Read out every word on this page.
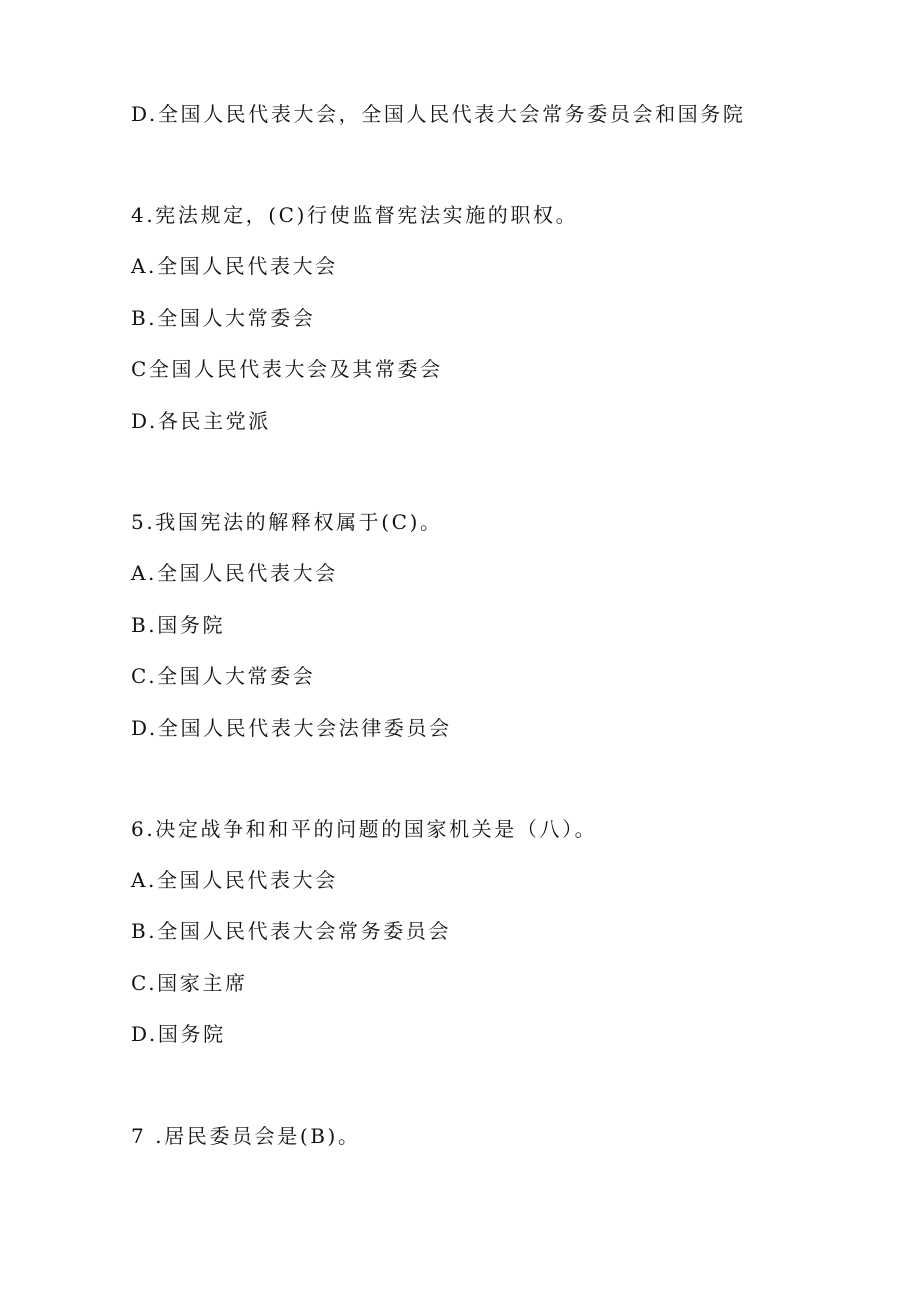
D.全国人民代表大会，全国人民代表大会常务委员会和国务院
4.宪法规定，(C)行使监督宪法实施的职权。
A.全国人民代表大会
B.全国人大常委会
C全国人民代表大会及其常委会
D.各民主党派
5.我国宪法的解释权属于(C)。
A.全国人民代表大会
B.国务院
C.全国人大常委会
D.全国人民代表大会法律委员会
6.决定战争和和平的问题的国家机关是（八）。
A.全国人民代表大会
B.全国人民代表大会常务委员会
C.国家主席
D.国务院
7 .居民委员会是(B)。
